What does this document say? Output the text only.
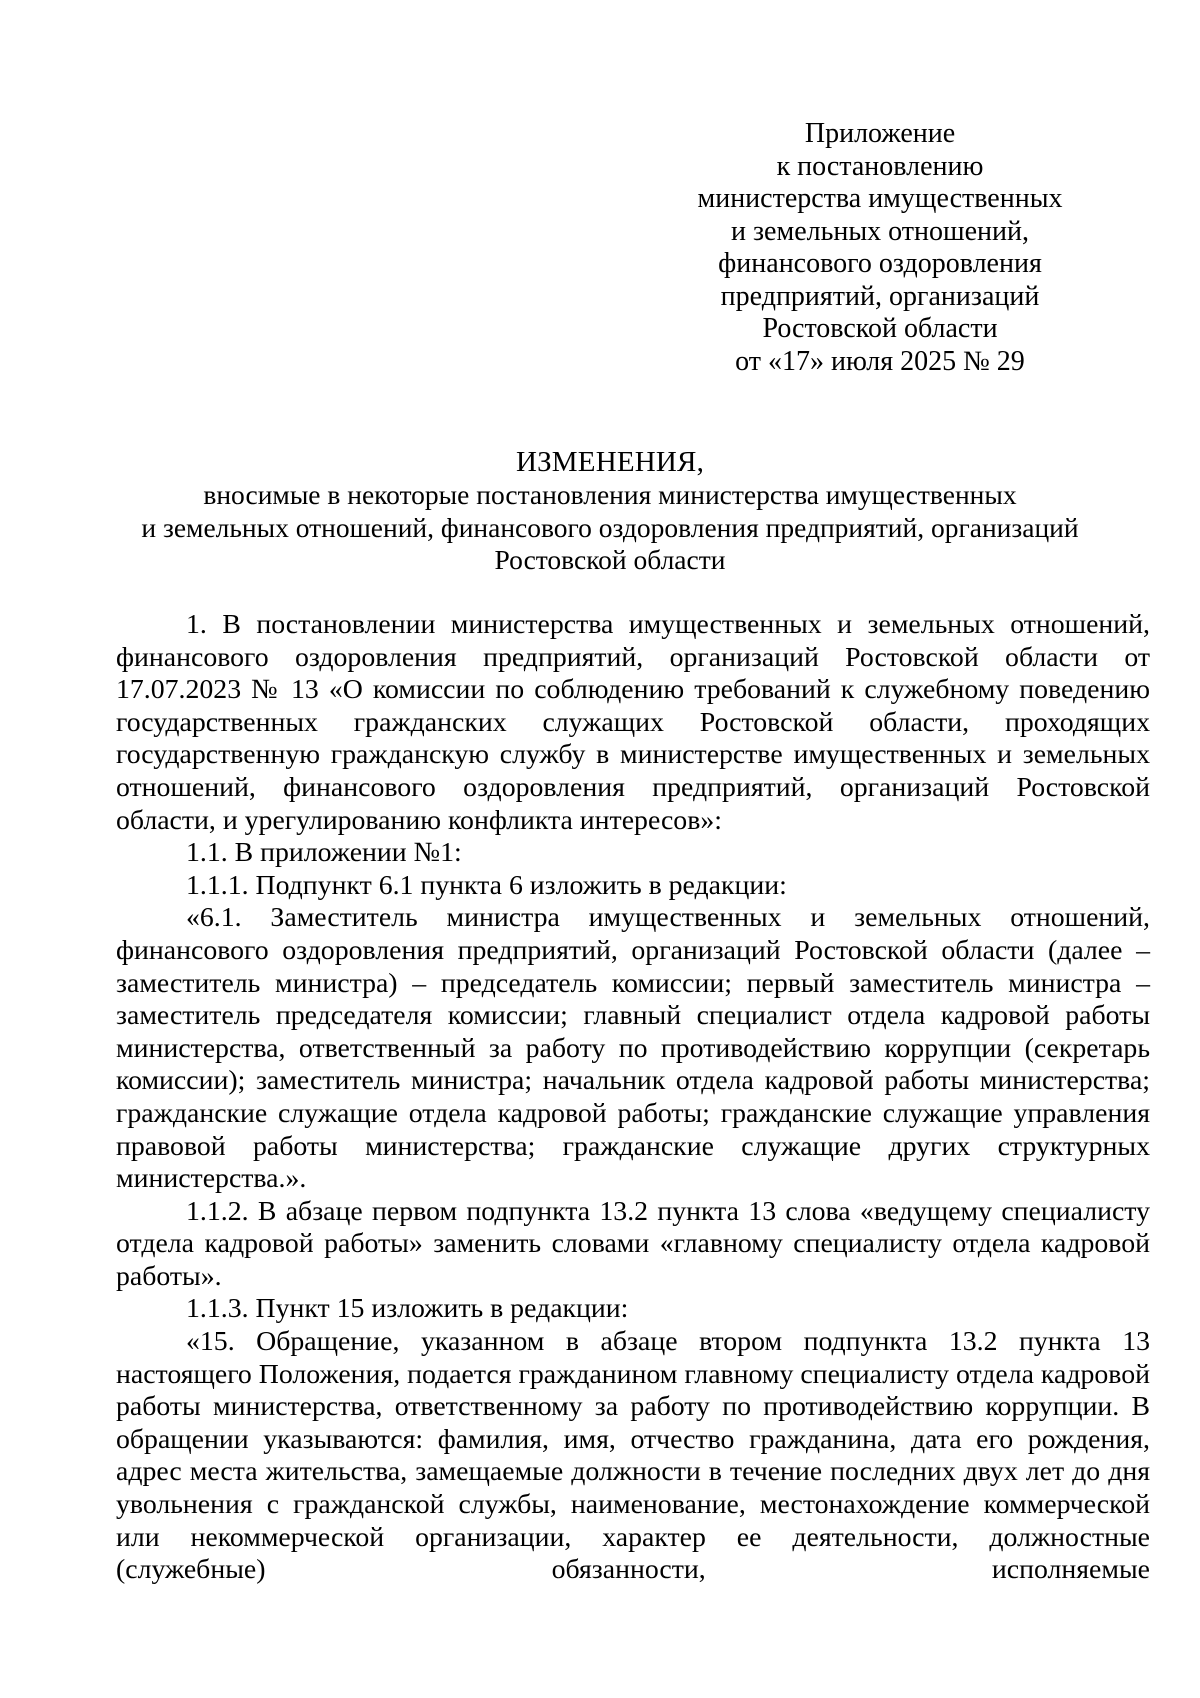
Приложение
к постановлению
министерства имущественных
и земельных отношений,
финансового оздоровления
предприятий, организаций
Ростовской области
от «17» июля 2025 № 29
ИЗМЕНЕНИЯ,
вносимые в некоторые постановления министерства имущественных
и земельных отношений, финансового оздоровления предприятий, организаций
Ростовской области

1. В постановлении министерства имущественных и земельных отношений, финансового оздоровления предприятий, организаций Ростовской области от 17.07.2023 № 13 «О комиссии по соблюдению требований к служебному поведению государственных гражданских служащих Ростовской области, проходящих государственную гражданскую службу в министерстве имущественных и земельных отношений, финансового оздоровления предприятий, организаций Ростовской области, и урегулированию конфликта интересов»:

1.1. В приложении №1:

1.1.1. Подпункт 6.1 пункта 6 изложить в редакции:

«6.1. Заместитель министра имущественных и земельных отношений, финансового оздоровления предприятий, организаций Ростовской области (далее – заместитель министра) – председатель комиссии; первый заместитель министра – заместитель председателя комиссии; главный специалист отдела кадровой работы министерства, ответственный за работу по противодействию коррупции (секретарь комиссии); заместитель министра; начальник отдела кадровой работы министерства; гражданские служащие отдела кадровой работы; гражданские служащие управления правовой работы министерства; гражданские служащие других структурных министерства.».

1.1.2. В абзаце первом подпункта 13.2 пункта 13 слова «ведущему специалисту отдела кадровой работы» заменить словами «главному специалисту отдела кадровой работы».

1.1.3. Пункт 15 изложить в редакции:

«15. Обращение, указанном в абзаце втором подпункта 13.2 пункта 13 настоящего Положения, подается гражданином главному специалисту отдела кадровой работы министерства, ответственному за работу по противодействию коррупции. В обращении указываются: фамилия, имя, отчество гражданина, дата его рождения, адрес места жительства, замещаемые должности в течение последних двух лет до дня увольнения с гражданской службы, наименование, местонахождение коммерческой или некоммерческой организации, характер ее деятельности, должностные (служебные) обязанности, исполняемые
